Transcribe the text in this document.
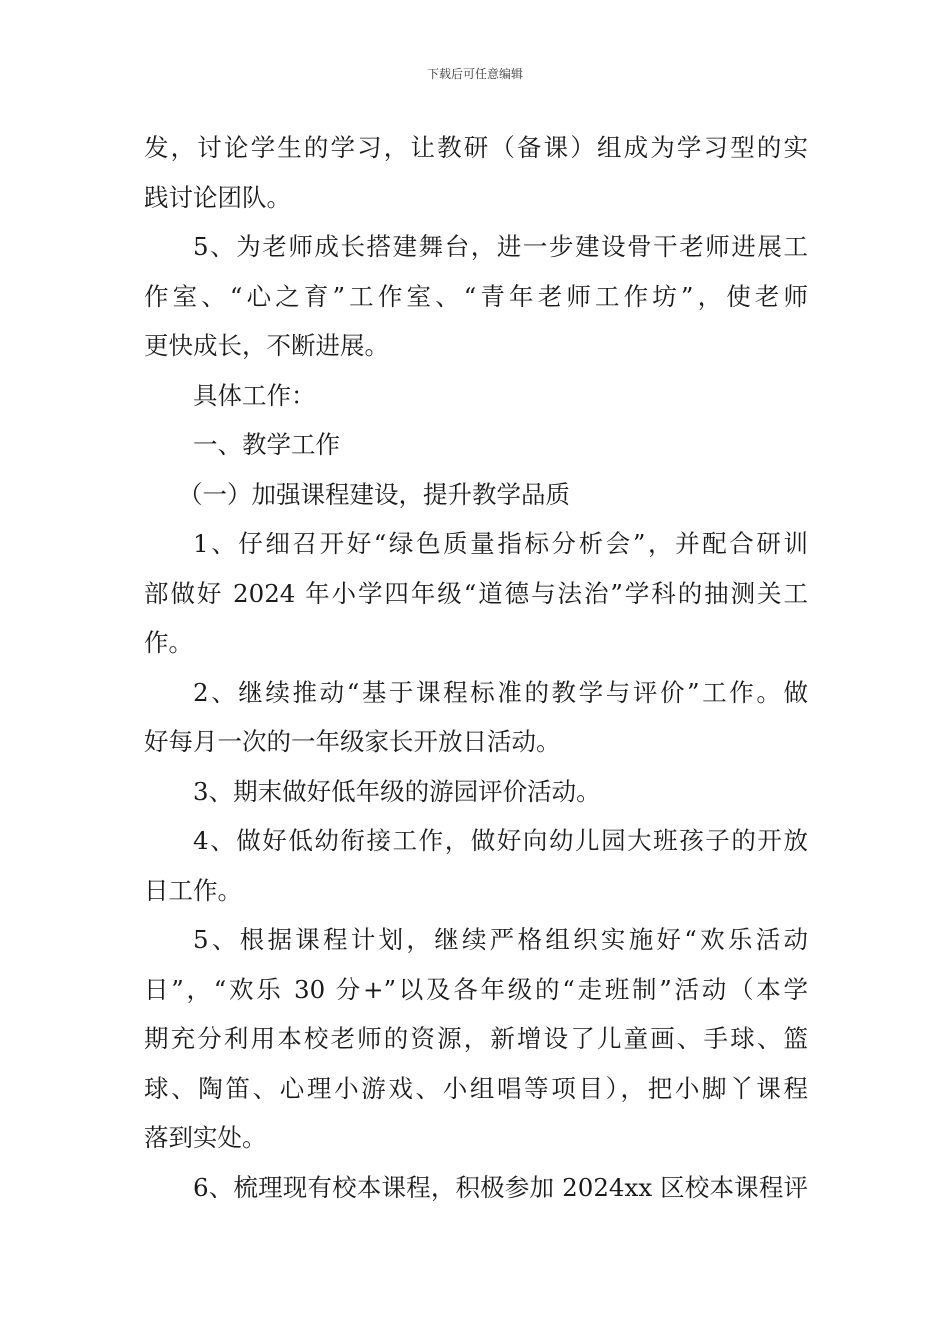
下载后可任意编辑
发，讨论学生的学习，让教研（备课）组成为学习型的实
践讨论团队。
5、为老师成长搭建舞台，进一步建设骨干老师进展工
作室、“心之育”工作室、“青年老师工作坊”，使老师
更快成长，不断进展。
具体工作：
一、教学工作
（一）加强课程建设，提升教学品质
1、仔细召开好“绿色质量指标分析会”，并配合研训
部做好 2024 年小学四年级“道德与法治”学科的抽测关工
作。
2、继续推动“基于课程标准的教学与评价”工作。做
好每月一次的一年级家长开放日活动。
3、期末做好低年级的游园评价活动。
4、做好低幼衔接工作，做好向幼儿园大班孩子的开放
日工作。
5、根据课程计划，继续严格组织实施好“欢乐活动
日”，“欢乐 30 分+”以及各年级的“走班制”活动（本学
期充分利用本校老师的资源，新增设了儿童画、手球、篮
球、陶笛、心理小游戏、小组唱等项目），把小脚丫课程
落到实处。
6、梳理现有校本课程，积极参加 2024xx 区校本课程评
